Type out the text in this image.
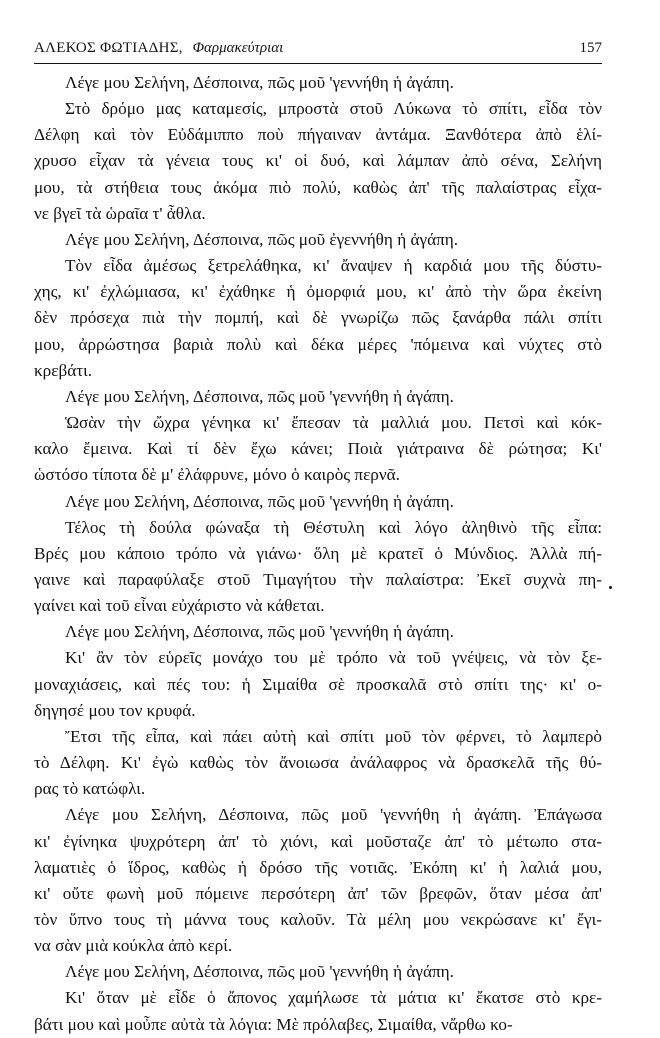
ΑΛΕΚΟΣ ΦΩΤΙΑΔΗΣ, Φαρμακεύτριαι	157
Λέγε μου Σελήνη, Δέσποινα, πῶς μοῦ 'γεννήθη ἡ ἀγάπη.
Στὸ δρόμο μας καταμεσίς, μπροστὰ στοῦ Λύκωνα τὸ σπίτι, εἶδα τὸν
Δέλφη καὶ τὸν Εὐδάμιππο ποὺ πήγαιναν ἀντάμα. Ξανθότερα ἀπὸ ἑλί-
χρυσο εἶχαν τὰ γένεια τους κι' οἱ δυό, καὶ λάμπαν ἀπὸ σένα, Σελήνη
μου, τὰ στήθεια τους ἀκόμα πιὸ πολύ, καθὼς ἀπ' τῆς παλαίστρας εἶχα-
νε βγεῖ τὰ ὡραῖα τ' ἆθλα.
Λέγε μου Σελήνη, Δέσποινα, πῶς μοῦ ἐγεννήθη ἡ ἀγάπη.
Τὸν εἶδα ἀμέσως ξετρελάθηκα, κι' ἄναψεν ἡ καρδιά μου τῆς δύστυ-
χης, κι' ἐχλώμιασα, κι' ἐχάθηκε ἡ ὀμορφιά μου, κι' ἀπὸ τὴν ὥρα ἐκείνη
δὲν πρόσεχα πιὰ τὴν πομπή, καὶ δὲ γνωρίζω πῶς ξανάρθα πάλι σπίτι
μου, ἀρρώστησα βαριὰ πολὺ καὶ δέκα μέρες 'πόμεινα καὶ νύχτες στὸ
κρεβάτι.
Λέγε μου Σελήνη, Δέσποινα, πῶς μοῦ 'γεννήθη ἡ ἀγάπη.
Ὡσὰν τὴν ὤχρα γένηκα κι' ἔπεσαν τὰ μαλλιά μου. Πετσὶ καὶ κόκ-
καλο ἔμεινα. Καὶ τί δὲν ἔχω κάνει; Ποιὰ γιάτραινα δὲ ρώτησα; Κι'
ὡστόσο τίποτα δὲ μ' ἐλάφρυνε, μόνο ὁ καιρὸς περνᾶ.
Λέγε μου Σελήνη, Δέσποινα, πῶς μοῦ 'γεννήθη ἡ ἀγάπη.
Τέλος τὴ δούλα φώναξα τὴ Θέστυλη καὶ λόγο ἀληθινὸ τῆς εἶπα:
Βρές μου κάποιο τρόπο νὰ γιάνω· ὅλη μὲ κρατεῖ ὁ Μύνδιος. Ἀλλὰ πή-
γαινε καὶ παραφύλαξε στοῦ Τιμαγήτου τὴν παλαίστρα: Ἐκεῖ συχνὰ πη-
γαίνει καὶ τοῦ εἶναι εὐχάριστο νὰ κάθεται.
Λέγε μου Σελήνη, Δέσποινα, πῶς μοῦ 'γεννήθη ἡ ἀγάπη.
Κι' ἂν τὸν εὑρεῖς μονάχο του μὲ τρόπο νὰ τοῦ γνέψεις, νὰ τὸν ξε-
μοναχιάσεις, καὶ πές του: ἡ Σιμαίθα σὲ προσκαλᾶ στὸ σπίτι της· κι' ο-
δηγησέ μου τον κρυφά.
Ἔτσι τῆς εἶπα, καὶ πάει αὐτὴ καὶ σπίτι μοῦ τὸν φέρνει, τὸ λαμπερὸ
τὸ Δέλφη. Κι' ἐγὼ καθὼς τὸν ἄνοιωσα ἀνάλαφρος νὰ δρασκελᾶ τῆς θύ-
ρας τὸ κατώφλι.
Λέγε μου Σελήνη, Δέσποινα, πῶς μοῦ 'γεννήθη ἡ ἀγάπη. Ἐπάγωσα
κι' ἐγίνηκα ψυχρότερη ἀπ' τὸ χιόνι, καὶ μοῦσταζε ἀπ' τὸ μέτωπο στα-
λαματιὲς ὁ ἵδρος, καθὼς ἡ δρόσο τῆς νοτιᾶς. Ἐκόπη κι' ἡ λαλιά μου,
κι' οὔτε φωνὴ μοῦ πόμεινε περσότερη ἀπ' τῶν βρεφῶν, ὅταν μέσα ἀπ'
τὸν ὕπνο τους τὴ μάννα τους καλοῦν. Τὰ μέλη μου νεκρώσανε κι' ἔγι-
να σὰν μιὰ κούκλα ἀπὸ κερί.
Λέγε μου Σελήνη, Δέσποινα, πῶς μοῦ 'γεννήθη ἡ ἀγάπη.
Κι' ὅταν μὲ εἶδε ὁ ἄπονος χαμήλωσε τὰ μάτια κι' ἔκατσε στὸ κρε-
βάτι μου καὶ μοὖπε αὐτὰ τὰ λόγια: Μὲ πρόλαβες, Σιμαίθα, νἄρθω κο-
